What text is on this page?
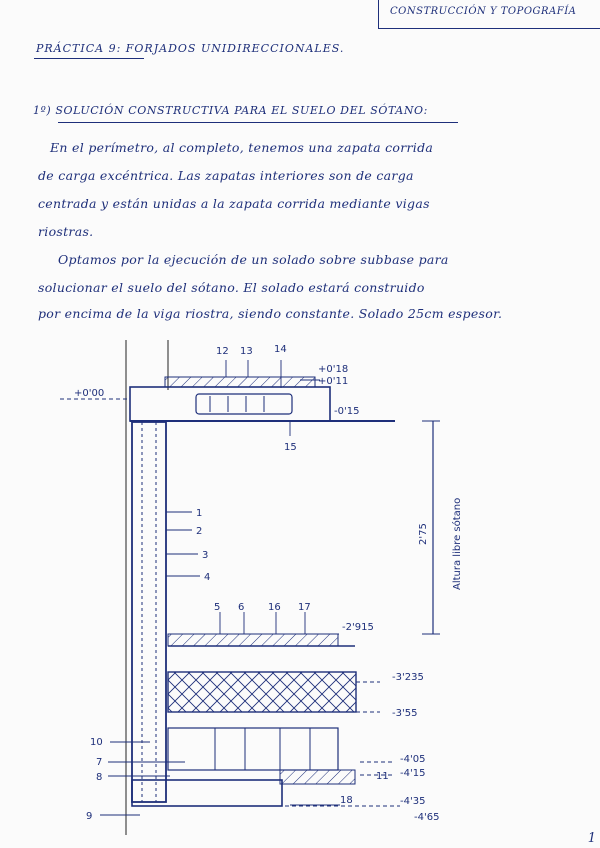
CONSTRUCCIÓN Y TOPOGRAFÍA
PRÁCTICA 9: FORJADOS UNIDIRECCIONALES.
1º) SOLUCIÓN CONSTRUCTIVA PARA EL SUELO DEL SÓTANO:
En el perímetro, al completo, tenemos una zapata corrida
de carga excéntrica. Las zapatas interiores son de carga
centrada y están unidas a la zapata corrida mediante vigas
riostras.
Optamos por la ejecución de un solado sobre subbase para
solucionar el suelo del sótano. El solado estará construido
por encima de la viga riostra, siendo constante. Solado 25cm espesor.
12 13 14
15
5 6 16 17
1
2
3
4
10
7
8
9
11
18
+0'18
+0'11
+0'00
-0'15
-2'915
-3'235
-3'55
-4'05
-4'15
-4'35
-4'65
2'75 Altura libre sótano
1
